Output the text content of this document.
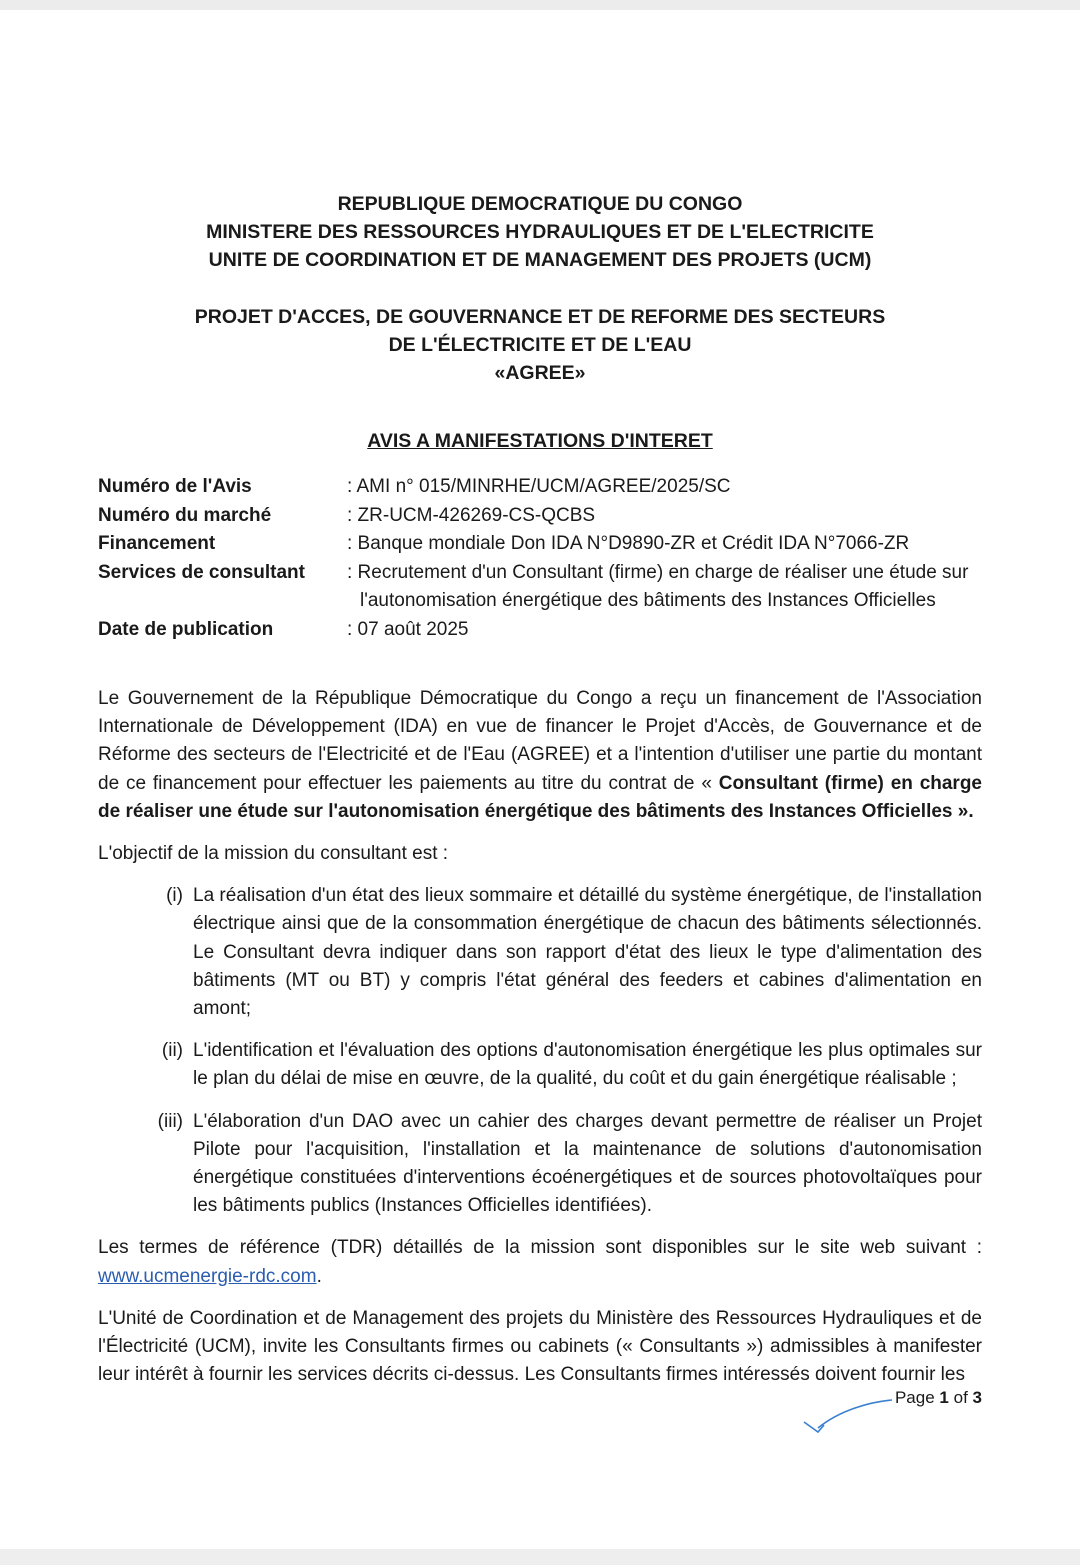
REPUBLIQUE DEMOCRATIQUE DU CONGO
MINISTERE DES RESSOURCES HYDRAULIQUES ET DE L'ELECTRICITE
UNITE DE COORDINATION ET DE MANAGEMENT DES PROJETS (UCM)
PROJET D'ACCES, DE GOUVERNANCE ET DE REFORME DES SECTEURS
DE L'ÉLECTRICITE ET DE L'EAU
«AGREE»
AVIS A MANIFESTATIONS D'INTERET
Numéro de l'Avis	: AMI n° 015/MINRHE/UCM/AGREE/2025/SC
Numéro du marché	: ZR-UCM-426269-CS-QCBS
Financement	: Banque mondiale Don IDA N°D9890-ZR et Crédit IDA N°7066-ZR
Services de consultant	: Recrutement d'un Consultant (firme) en charge de réaliser une étude sur
l'autonomisation énergétique des bâtiments des Instances Officielles
Date de publication	: 07 août 2025

Le Gouvernement de la République Démocratique du Congo a reçu un financement de l'Association Internationale de Développement (IDA) en vue de financer le Projet d'Accès, de Gouvernance et de Réforme des secteurs de l'Electricité et de l'Eau (AGREE) et a l'intention d'utiliser une partie du montant de ce financement pour effectuer les paiements au titre du contrat de « Consultant (firme) en charge de réaliser une étude sur l'autonomisation énergétique des bâtiments des Instances Officielles ».

L'objectif de la mission du consultant est :

(i) La réalisation d'un état des lieux sommaire et détaillé du système énergétique, de l'installation électrique ainsi que de la consommation énergétique de chacun des bâtiments sélectionnés. Le Consultant devra indiquer dans son rapport d'état des lieux le type d'alimentation des bâtiments (MT ou BT) y compris l'état général des feeders et cabines d'alimentation en amont;
(ii) L'identification et l'évaluation des options d'autonomisation énergétique les plus optimales sur le plan du délai de mise en œuvre, de la qualité, du coût et du gain énergétique réalisable ;
(iii) L'élaboration d'un DAO avec un cahier des charges devant permettre de réaliser un Projet Pilote pour l'acquisition, l'installation et la maintenance de solutions d'autonomisation énergétique constituées d'interventions écoénergétiques et de sources photovoltaïques pour les bâtiments publics (Instances Officielles identifiées).

Les termes de référence (TDR) détaillés de la mission sont disponibles sur le site web suivant : www.ucmenergie-rdc.com.

L'Unité de Coordination et de Management des projets du Ministère des Ressources Hydrauliques et de l'Électricité (UCM), invite les Consultants firmes ou cabinets (« Consultants ») admissibles à manifester leur intérêt à fournir les services décrits ci-dessus. Les Consultants firmes intéressés doivent fournir les

Page 1 of 3
